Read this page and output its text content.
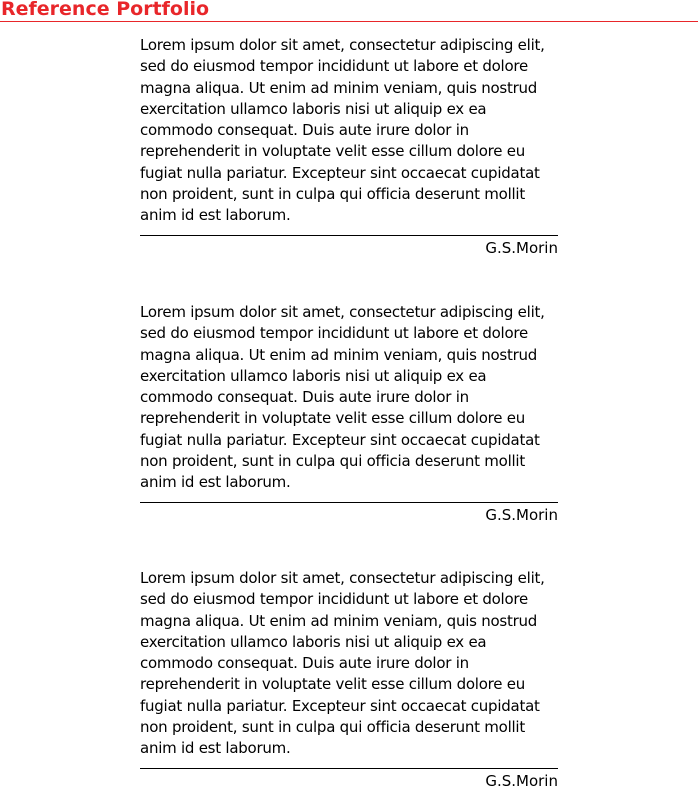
Reference Portfolio

Lorem ipsum dolor sit amet, consectetur adipiscing elit, sed do eiusmod tempor incididunt ut labore et dolore magna aliqua. Ut enim ad minim veniam, quis nostrud exercitation ullamco laboris nisi ut aliquip ex ea commodo consequat. Duis aute irure dolor in reprehenderit in voluptate velit esse cillum dolore eu fugiat nulla pariatur. Excepteur sint occaecat cupidatat non proident, sunt in culpa qui officia deserunt mollit anim id est laborum.

G.S.Morin

Lorem ipsum dolor sit amet, consectetur adipiscing elit, sed do eiusmod tempor incididunt ut labore et dolore magna aliqua. Ut enim ad minim veniam, quis nostrud exercitation ullamco laboris nisi ut aliquip ex ea commodo consequat. Duis aute irure dolor in reprehenderit in voluptate velit esse cillum dolore eu fugiat nulla pariatur. Excepteur sint occaecat cupidatat non proident, sunt in culpa qui officia deserunt mollit anim id est laborum.

G.S.Morin

Lorem ipsum dolor sit amet, consectetur adipiscing elit, sed do eiusmod tempor incididunt ut labore et dolore magna aliqua. Ut enim ad minim veniam, quis nostrud exercitation ullamco laboris nisi ut aliquip ex ea commodo consequat. Duis aute irure dolor in reprehenderit in voluptate velit esse cillum dolore eu fugiat nulla pariatur. Excepteur sint occaecat cupidatat non proident, sunt in culpa qui officia deserunt mollit anim id est laborum.

G.S.Morin
